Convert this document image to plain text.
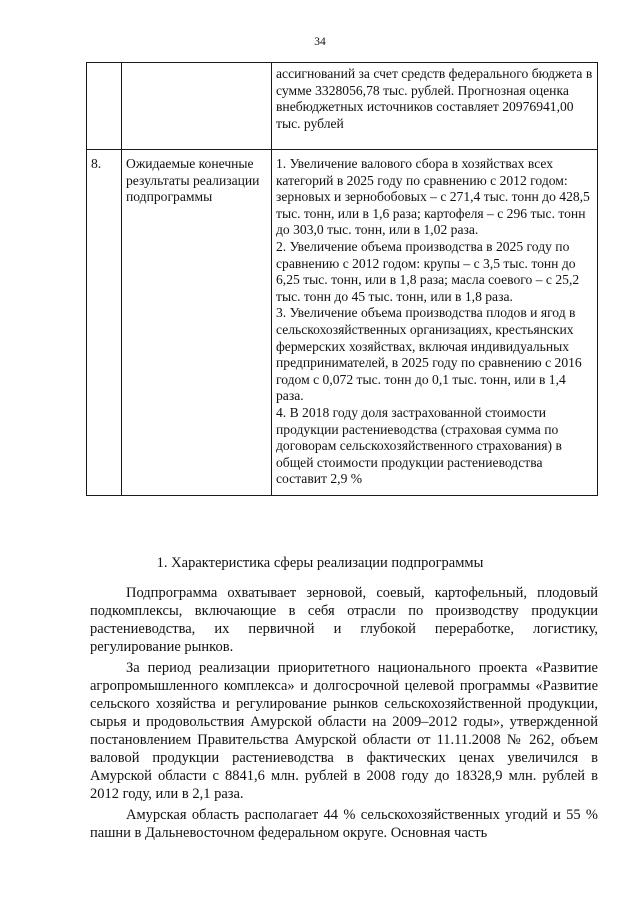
34
		ассигнований за счет средств федерального бюджета в сумме 3328056,78 тыс. рублей. Прогнозная оценка внебюджетных источников составляет 20976941,00 тыс. рублей
8.	Ожидаемые конечные результаты реализации подпрограммы	1. Увеличение валового сбора в хозяйствах всех категорий в 2025 году по сравнению с 2012 годом: зерновых и зернобобовых – с 271,4 тыс. тонн до 428,5 тыс. тонн, или в 1,6 раза; картофеля – с 296 тыс. тонн до 303,0 тыс. тонн, или в 1,02 раза.
2. Увеличение объема производства в 2025 году по сравнению с 2012 годом: крупы – с 3,5 тыс. тонн до 6,25 тыс. тонн, или в 1,8 раза; масла соевого – с 25,2 тыс. тонн до 45 тыс. тонн, или в 1,8 раза.
3. Увеличение объема производства плодов и ягод в сельскохозяйственных организациях, крестьянских фермерских хозяйствах, включая индивидуальных предпринимателей, в 2025 году по сравнению с 2016 годом с 0,072 тыс. тонн до 0,1 тыс. тонн, или в 1,4 раза.
4. В 2018 году доля застрахованной стоимости продукции растениеводства (страховая сумма по договорам сельскохозяйственного страхования) в общей стоимости продукции растениеводства составит 2,9 %
1. Характеристика сферы реализации подпрограммы

Подпрограмма охватывает зерновой, соевый, картофельный, плодовый подкомплексы, включающие в себя отрасли по производству продукции растениеводства, их первичной и глубокой переработке, логистику, регулирование рынков.

За период реализации приоритетного национального проекта «Развитие агропромышленного комплекса» и долгосрочной целевой программы «Развитие сельского хозяйства и регулирование рынков сельскохозяйственной продукции, сырья и продовольствия Амурской области на 2009–2012 годы», утвержденной постановлением Правительства Амурской области от 11.11.2008 № 262, объем валовой продукции растениеводства в фактических ценах увеличился в Амурской области с 8841,6 млн. рублей в 2008 году до 18328,9 млн. рублей в 2012 году, или в 2,1 раза.

Амурская область располагает 44 % сельскохозяйственных угодий и 55 % пашни в Дальневосточном федеральном округе. Основная часть
